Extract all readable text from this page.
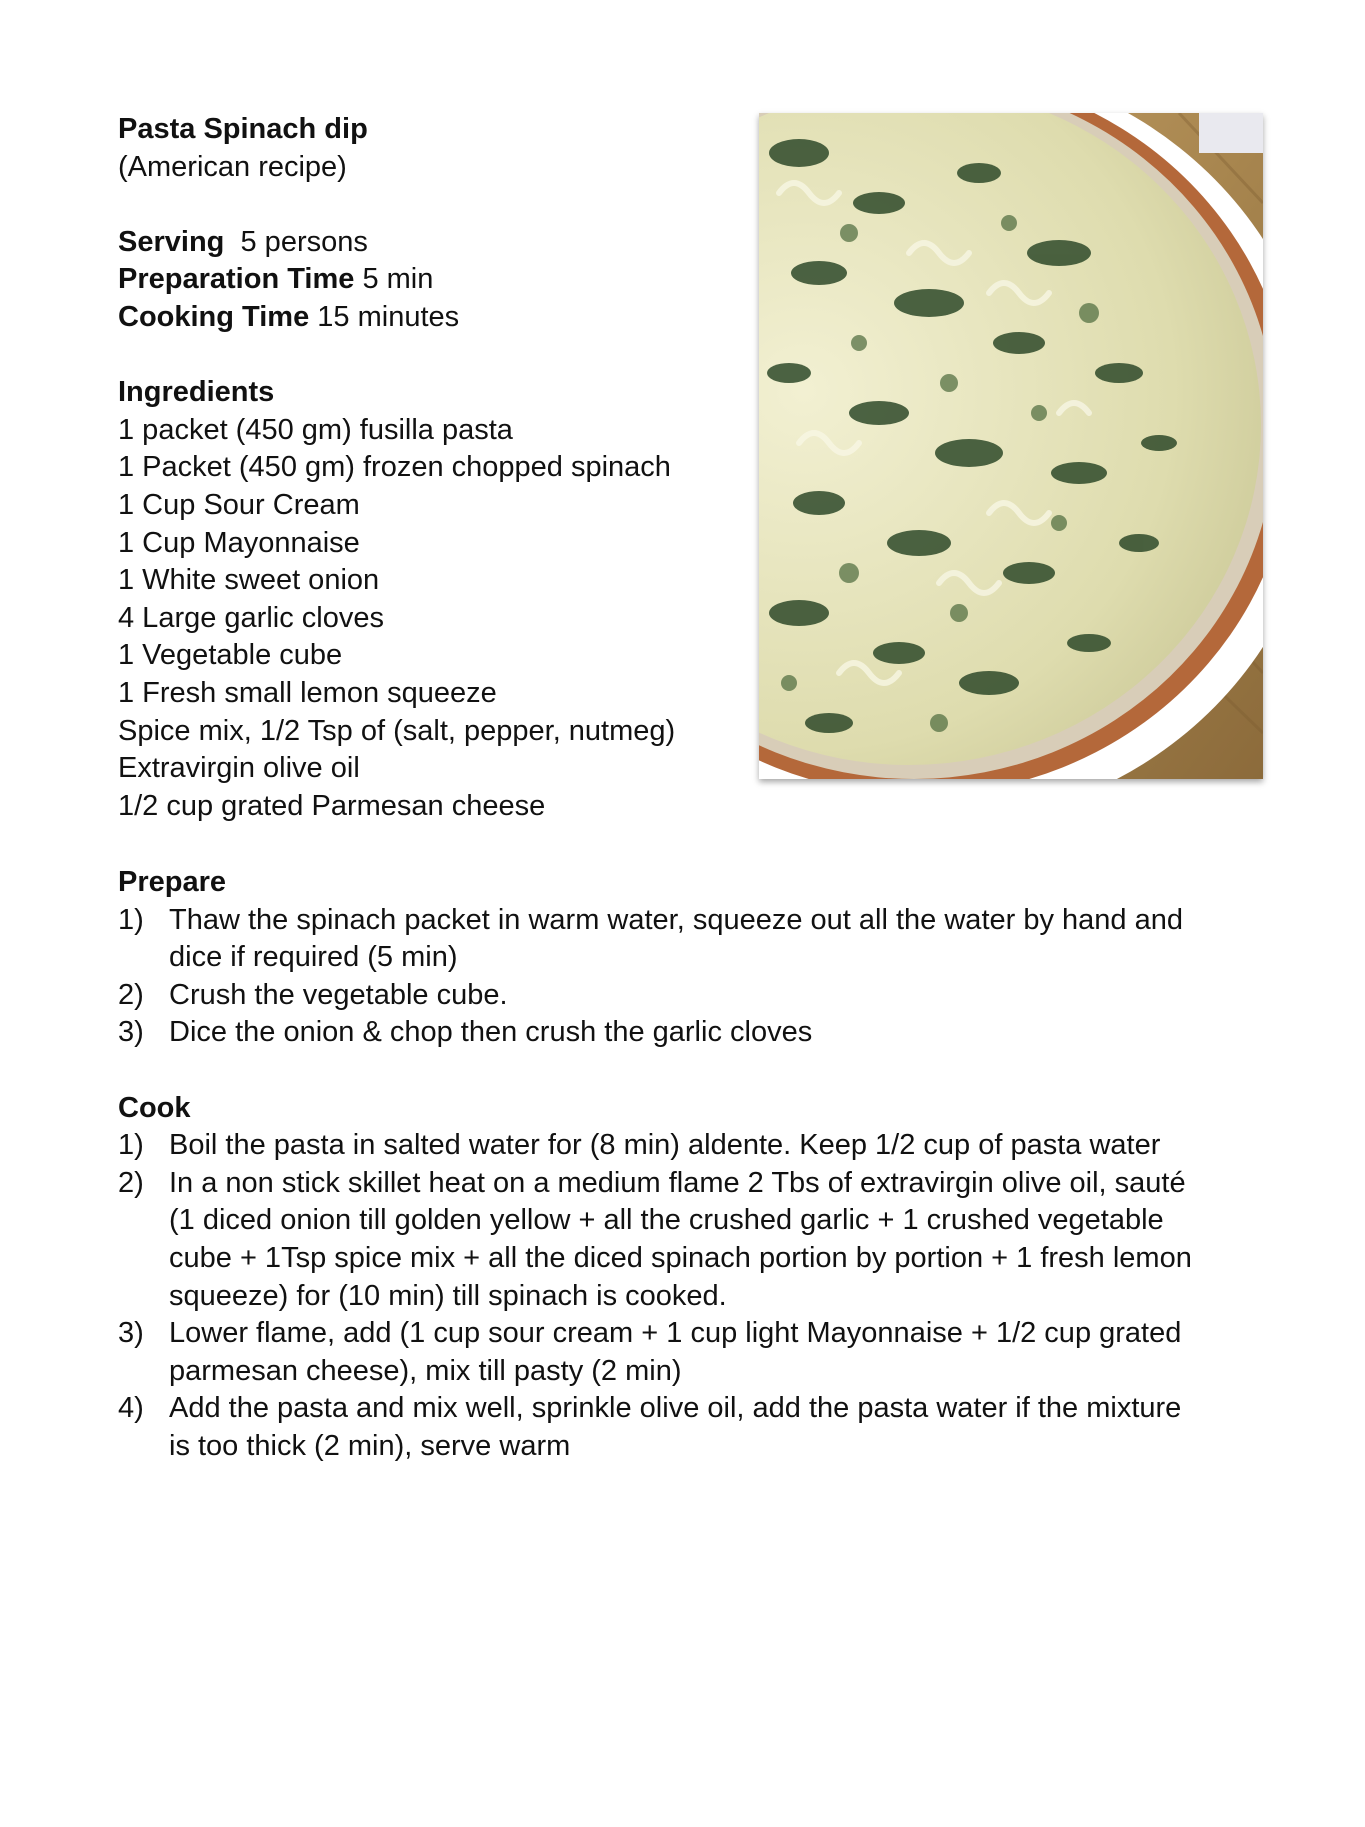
Pasta Spinach dip
(American recipe)
Serving 5 persons
Preparation Time 5 min
Cooking Time 15 minutes
Ingredients
1 packet (450 gm) fusilla pasta
1 Packet (450 gm) frozen chopped spinach
1 Cup Sour Cream
1 Cup Mayonnaise
1 White sweet onion
4 Large garlic cloves
1 Vegetable cube
1 Fresh small lemon squeeze
Spice mix, 1/2 Tsp of (salt, pepper, nutmeg)
Extravirgin olive oil
1/2 cup grated Parmesan cheese
Prepare
1) Thaw the spinach packet in warm water, squeeze out all the water by hand and
dice if required (5 min)
2) Crush the vegetable cube.
3) Dice the onion & chop then crush the garlic cloves
Cook
1) Boil the pasta in salted water for (8 min) aldente. Keep 1/2 cup of pasta water
2) In a non stick skillet heat on a medium flame 2 Tbs of extravirgin olive oil, sauté
(1 diced onion till golden yellow + all the crushed garlic + 1 crushed vegetable
cube + 1Tsp spice mix + all the diced spinach portion by portion + 1 fresh lemon
squeeze) for (10 min) till spinach is cooked.
3) Lower flame, add (1 cup sour cream + 1 cup light Mayonnaise + 1/2 cup grated
parmesan cheese), mix till pasty (2 min)
4) Add the pasta and mix well, sprinkle olive oil, add the pasta water if the mixture
is too thick (2 min), serve warm
